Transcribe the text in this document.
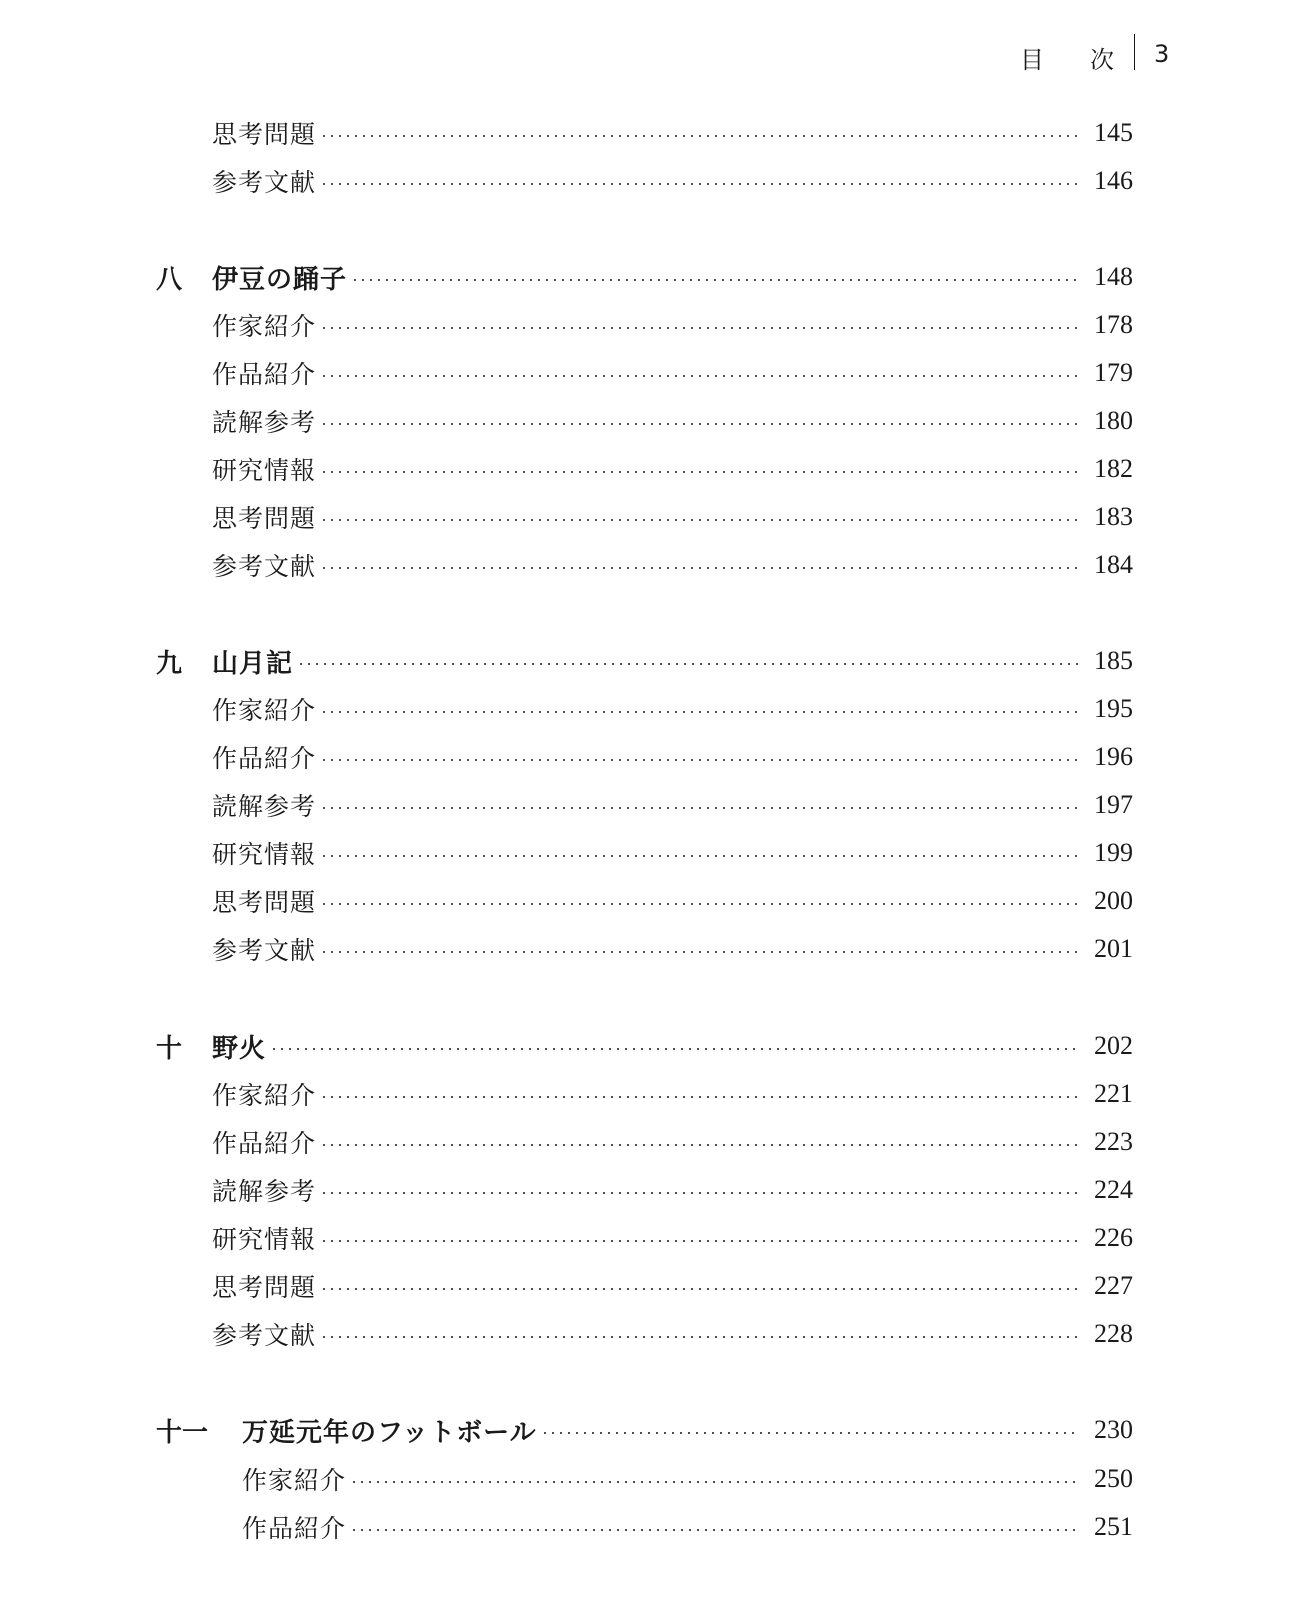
目 次 3
思考問題	145
参考文献	146
八	伊豆の踊子	148
作家紹介	178
作品紹介	179
読解参考	180
研究情報	182
思考問題	183
参考文献	184
九	山月記	185
作家紹介	195
作品紹介	196
読解参考	197
研究情報	199
思考問題	200
参考文献	201
十	野火	202
作家紹介	221
作品紹介	223
読解参考	224
研究情報	226
思考問題	227
参考文献	228
十一	万延元年のフットボール	230
作家紹介	250
作品紹介	251
